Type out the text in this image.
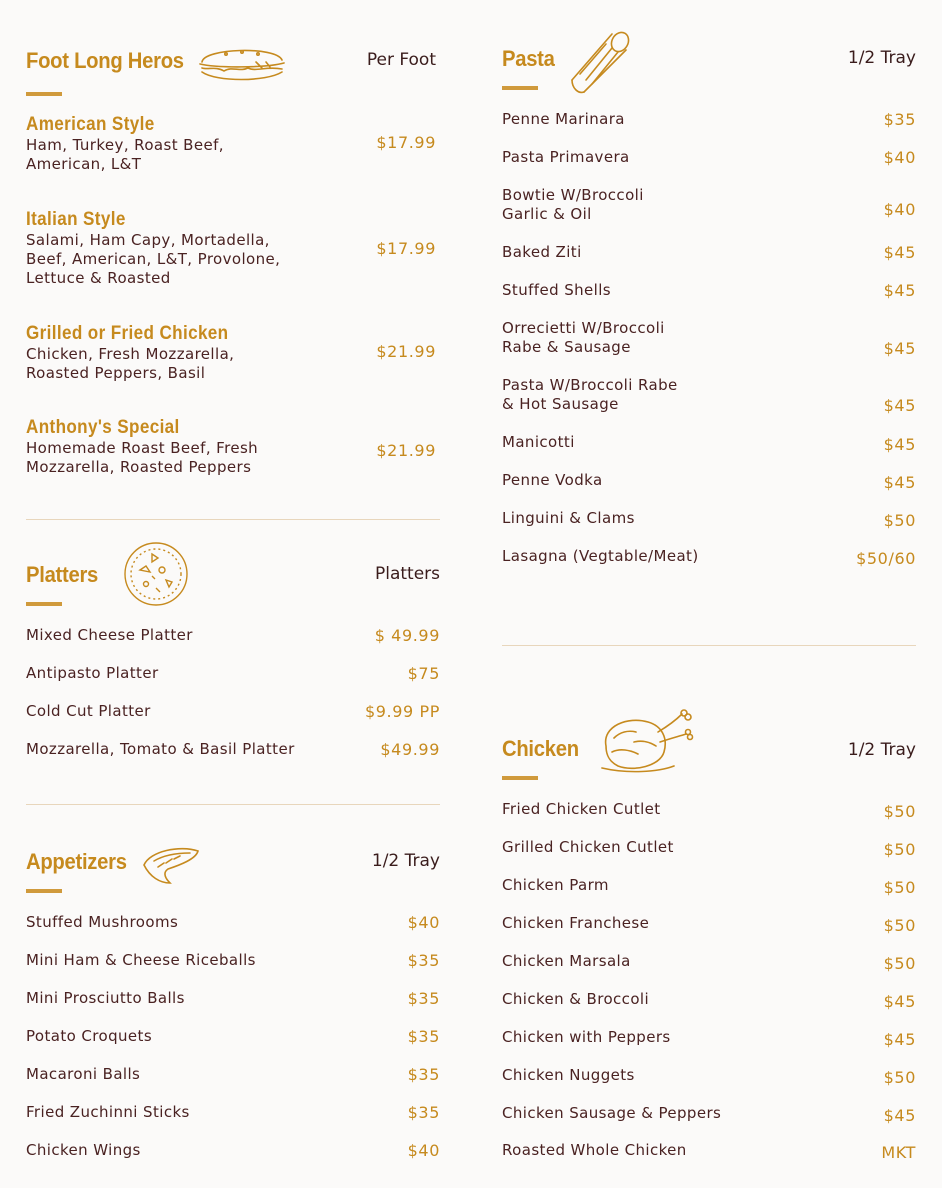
Foot Long Heros	Per Foot
American Style
Ham, Turkey, Roast Beef, American, L&T
$17.99
Italian Style
Salami, Ham Capy, Mortadella, Beef, American, L&T, Provolone, Lettuce & Roasted
$17.99
Grilled or Fried Chicken
Chicken, Fresh Mozzarella, Roasted Peppers, Basil
$21.99
Anthony's Special
Homemade Roast Beef, Fresh Mozzarella, Roasted Peppers
$21.99
Platters	Platters
Mixed Cheese Platter	$ 49.99
Antipasto Platter	$75
Cold Cut Platter	$9.99 PP
Mozzarella, Tomato & Basil Platter	$49.99
Appetizers	1/2 Tray
Stuffed Mushrooms	$40
Mini Ham & Cheese Riceballs	$35
Mini Prosciutto Balls	$35
Potato Croquets	$35
Macaroni Balls	$35
Fried Zuchinni Sticks	$35
Chicken Wings	$40
Pasta	1/2 Tray
Penne Marinara	$35
Pasta Primavera	$40
Bowtie W/Broccoli Garlic & Oil	$40
Baked Ziti	$45
Stuffed Shells	$45
Orrecietti W/Broccoli Rabe & Sausage	$45
Pasta W/Broccoli Rabe & Hot Sausage	$45
Manicotti	$45
Penne Vodka	$45
Linguini & Clams	$50
Lasagna (Vegtable/Meat)	$50/60
Chicken	1/2 Tray
Fried Chicken Cutlet	$50
Grilled Chicken Cutlet	$50
Chicken Parm	$50
Chicken Franchese	$50
Chicken Marsala	$50
Chicken & Broccoli	$45
Chicken with Peppers	$45
Chicken Nuggets	$50
Chicken Sausage & Peppers	$45
Roasted Whole Chicken	MKT
